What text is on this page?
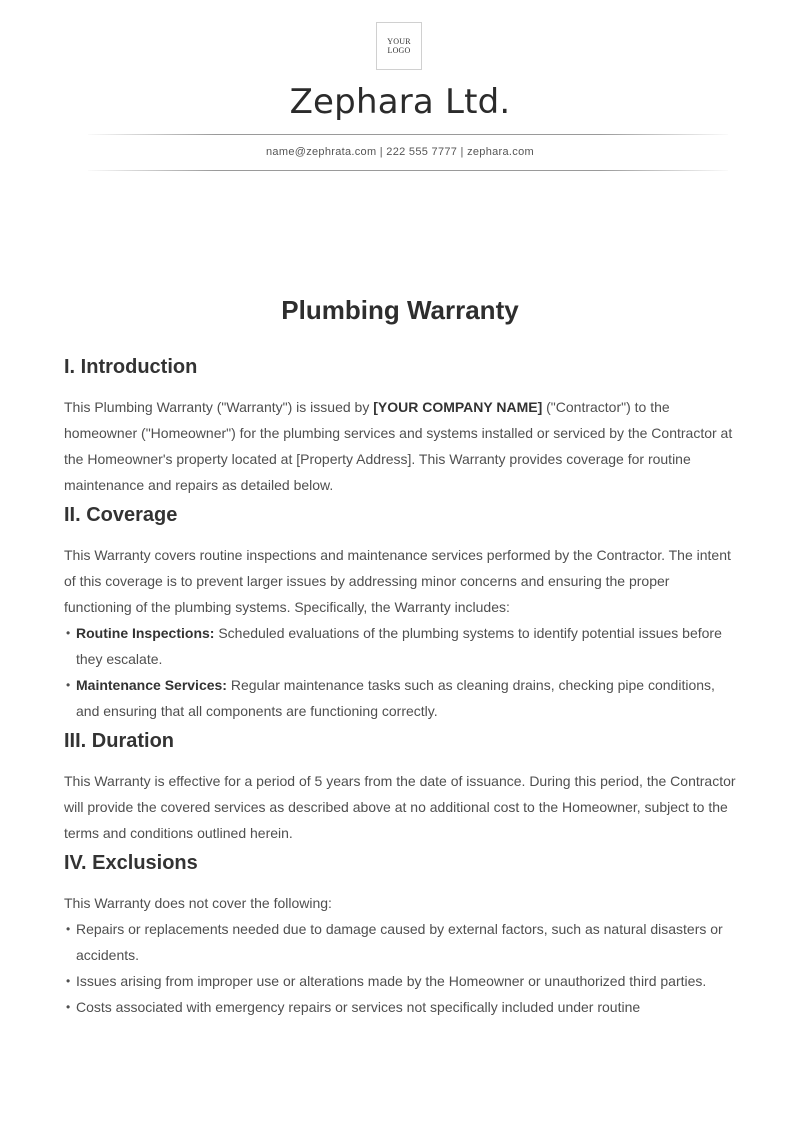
YOUR
LOGO
Zephara Ltd.
name@zephrata.com | 222 555 7777 | zephara.com
Plumbing Warranty
I. Introduction

This Plumbing Warranty ("Warranty") is issued by [YOUR COMPANY NAME] ("Contractor") to the homeowner ("Homeowner") for the plumbing services and systems installed or serviced by the Contractor at the Homeowner's property located at [Property Address]. This Warranty provides coverage for routine maintenance and repairs as detailed below.

II. Coverage

This Warranty covers routine inspections and maintenance services performed by the Contractor. The intent of this coverage is to prevent larger issues by addressing minor concerns and ensuring the proper functioning of the plumbing systems. Specifically, the Warranty includes:

• Routine Inspections: Scheduled evaluations of the plumbing systems to identify potential issues before they escalate.
• Maintenance Services: Regular maintenance tasks such as cleaning drains, checking pipe conditions, and ensuring that all components are functioning correctly.
III. Duration

This Warranty is effective for a period of 5 years from the date of issuance. During this period, the Contractor will provide the covered services as described above at no additional cost to the Homeowner, subject to the terms and conditions outlined herein.

IV. Exclusions

This Warranty does not cover the following:

• Repairs or replacements needed due to damage caused by external factors, such as natural disasters or accidents.
• Issues arising from improper use or alterations made by the Homeowner or unauthorized third parties.
• Costs associated with emergency repairs or services not specifically included under routine
